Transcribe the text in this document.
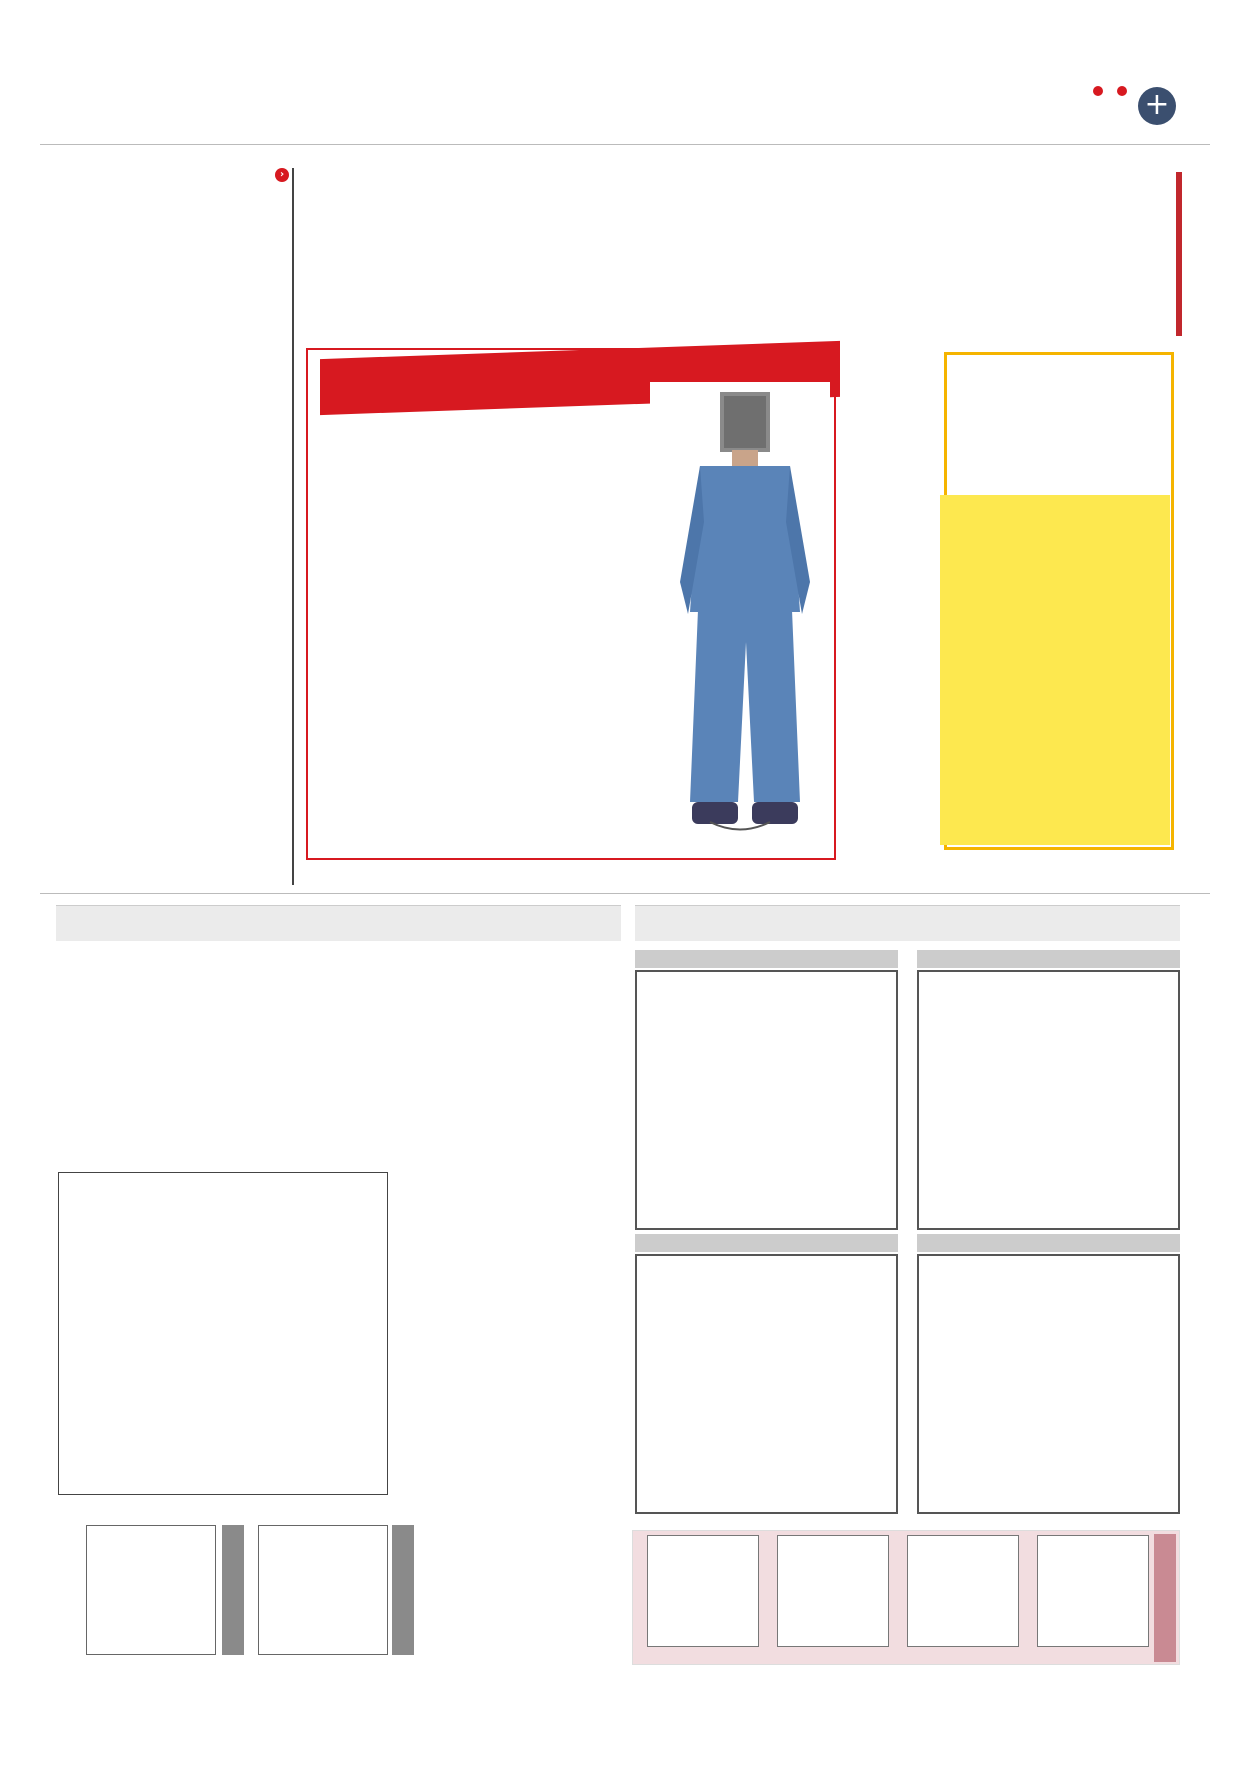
+
‹
